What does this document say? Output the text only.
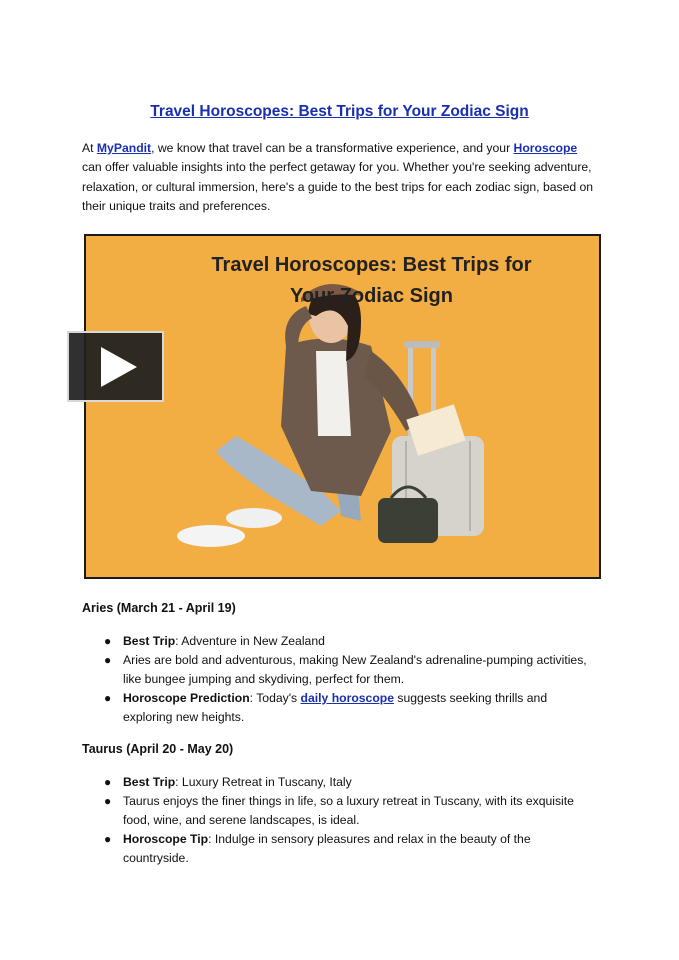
Travel Horoscopes: Best Trips for Your Zodiac Sign
At MyPandit, we know that travel can be a transformative experience, and your Horoscope can offer valuable insights into the perfect getaway for you. Whether you're seeking adventure, relaxation, or cultural immersion, here's a guide to the best trips for each zodiac sign, based on their unique traits and preferences.
Travel Horoscopes: Best Trips for
Your Zodiac Sign
Aries (March 21 - April 19)
● Best Trip: Adventure in New Zealand
● Aries are bold and adventurous, making New Zealand's adrenaline-pumping activities, like bungee jumping and skydiving, perfect for them.
● Horoscope Prediction: Today's daily horoscope suggests seeking thrills and exploring new heights.
Taurus (April 20 - May 20)
● Best Trip: Luxury Retreat in Tuscany, Italy
● Taurus enjoys the finer things in life, so a luxury retreat in Tuscany, with its exquisite food, wine, and serene landscapes, is ideal.
● Horoscope Tip: Indulge in sensory pleasures and relax in the beauty of the countryside.
